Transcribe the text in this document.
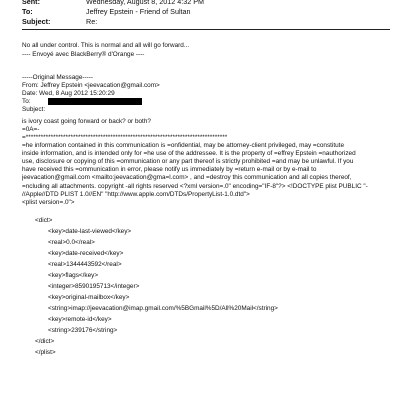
Sent:	Wednesday, August 8, 2012 4:32 PM
To:	Jeffrey Epstein - Friend of Sultan
Subject:	Re:
No all under control. This is normal and all will go forward...
---- Envoyé avec BlackBerry® d'Orange ----
-----Original Message-----
From: Jeffrey Epstein <jeevacation@gmail.com>
Date: Wed, 8 Aug 2012 15:20:29
To:
Subject:
is ivory coast going forward or back? or both?
=0A=-
=*********************************************************************************
=he information contained in this communication is =onfidential, may be attorney-client privileged, may =constitute
inside information, and is intended only for =he use of the addressee. It is the property of =effrey Epstein =nauthorized
use, disclosure or copying of this =ommunication or any part thereof is strictly prohibited =and may be unlawful. If you
have received this =ommunication in error, please notify us immediately by =return e-mail or by e-mail to
jeevacation@gmail.com <mailto:jeevacation@gma=l.com> , and =destroy this communication and all copies thereof,
=ncluding all attachments. copyright -all rights reserved <?xml version=.0" encoding="IF-8"?> <!DOCTYPE plist PUBLIC "-
//Apple//DTD PLIST 1.0//EN" "http://www.apple.com/DTDs/PropertyList-1.0.dtd">
<plist version=.0">
<dict>
<key>date-last-viewed</key>
<real>0.0</real>
<key>date-received</key>
<real>1344443592</real>
<key>flags</key>
<integer>8590195713</integer>
<key>original-mailbox</key>
<string>imap://jeevacation@imap.gmail.com/%5BGmail%5D/All%20Mail</string>
<key>remote-id</key>
<string>239176</string>
</dict>
</plist>
